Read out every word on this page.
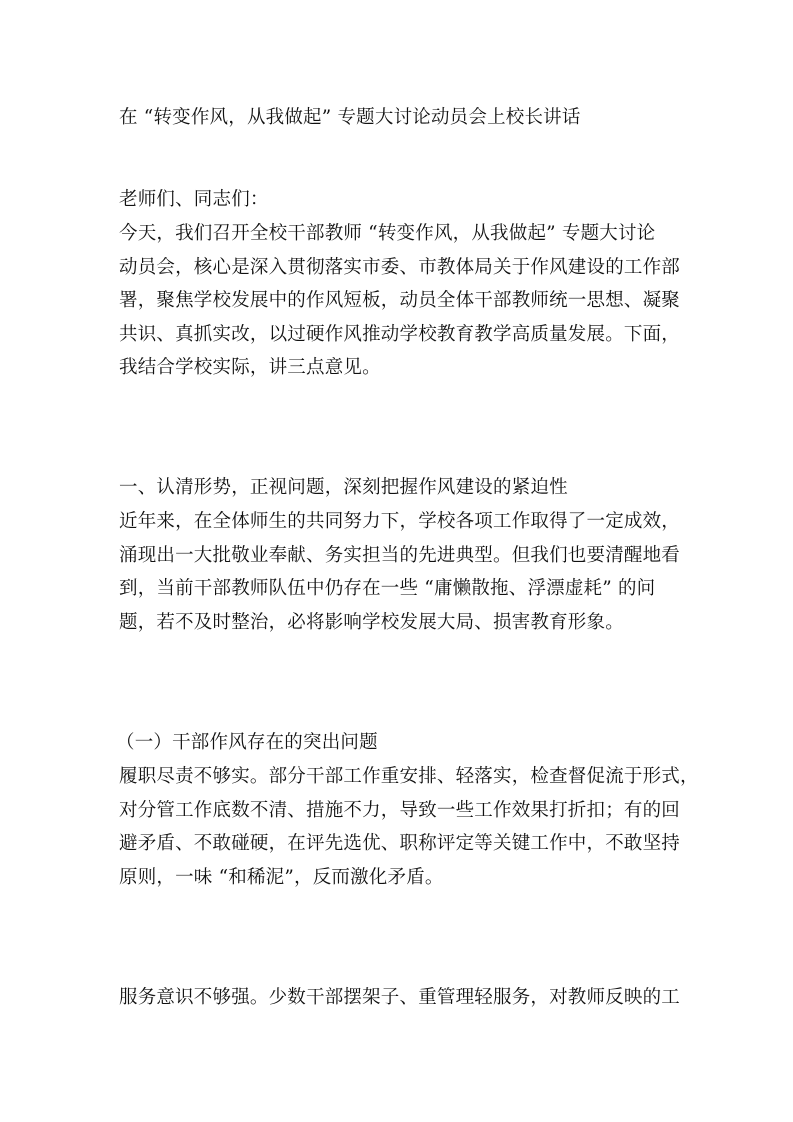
在 “转变作风，从我做起” 专题大讨论动员会上校长讲话
老师们、同志们：
今天，我们召开全校干部教师 “转变作风，从我做起” 专题大讨论
动员会，核心是深入贯彻落实市委、市教体局关于作风建设的工作部
署，聚焦学校发展中的作风短板，动员全体干部教师统一思想、凝聚
共识、真抓实改，以过硬作风推动学校教育教学高质量发展。下面，
我结合学校实际，讲三点意见。
一、认清形势，正视问题，深刻把握作风建设的紧迫性
近年来，在全体师生的共同努力下，学校各项工作取得了一定成效，
涌现出一大批敬业奉献、务实担当的先进典型。但我们也要清醒地看
到，当前干部教师队伍中仍存在一些 “庸懒散拖、浮漂虚耗” 的问
题，若不及时整治，必将影响学校发展大局、损害教育形象。
（一）干部作风存在的突出问题
履职尽责不够实。部分干部工作重安排、轻落实，检查督促流于形式，
对分管工作底数不清、措施不力，导致一些工作效果打折扣；有的回
避矛盾、不敢碰硬，在评先选优、职称评定等关键工作中，不敢坚持
原则，一味 “和稀泥”，反而激化矛盾。
服务意识不够强。少数干部摆架子、重管理轻服务，对教师反映的工
